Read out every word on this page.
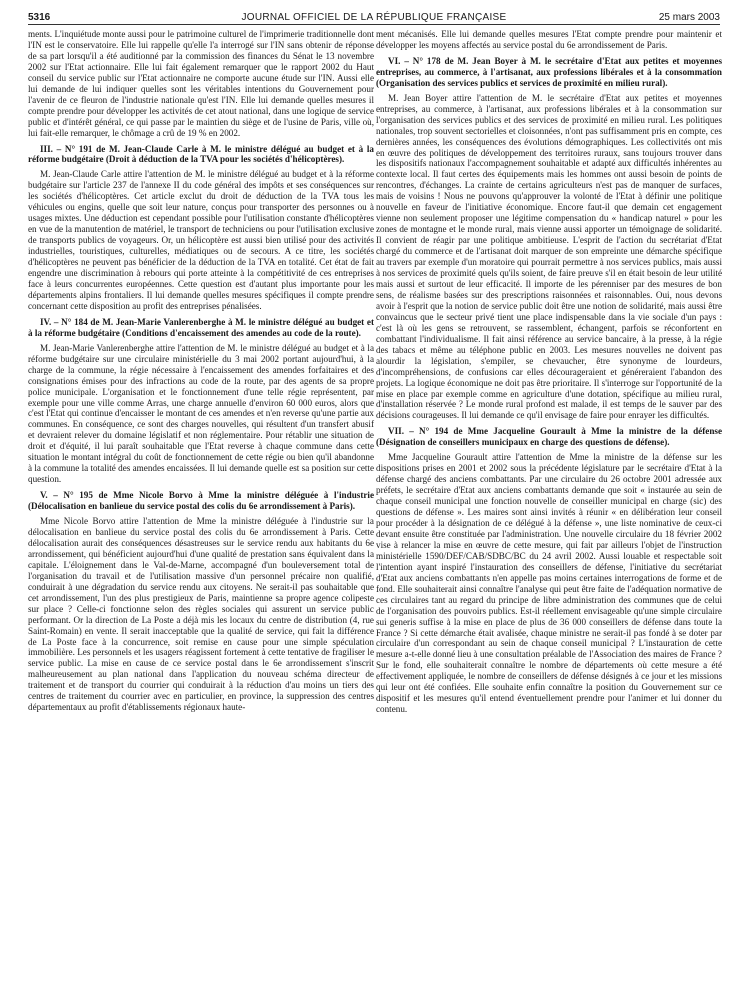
5316	JOURNAL OFFICIEL DE LA RÉPUBLIQUE FRANÇAISE	25 mars 2003

ments. L'inquiétude monte aussi pour le patrimoine culturel de l'imprimerie traditionnelle dont l'IN est le conservatoire. Elle lui rappelle qu'elle l'a interrogé sur l'IN sans obtenir de réponse de sa part lorsqu'il a été auditionné par la commission des finances du Sénat le 13 novembre 2002 sur l'Etat actionnaire. Elle lui fait également remarquer que le rapport 2002 du Haut conseil du service public sur l'Etat actionnaire ne comporte aucune étude sur l'IN. Aussi elle lui demande de lui indiquer quelles sont les véritables intentions du Gouvernement pour l'avenir de ce fleuron de l'industrie nationale qu'est l'IN. Elle lui demande quelles mesures il compte prendre pour développer les activités de cet atout national, dans une logique de service public et d'intérêt général, ce qui passe par le maintien du siège et de l'usine de Paris, ville où, lui fait-elle remarquer, le chômage a crû de 19 % en 2002.

III. – N° 191 de M. Jean-Claude Carle à M. le ministre délégué au budget et à la réforme budgétaire (Droit à déduction de la TVA pour les sociétés d'hélicoptères).

M. Jean-Claude Carle attire l'attention de M. le ministre délégué au budget et à la réforme budgétaire sur l'article 237 de l'annexe II du code général des impôts et ses conséquences sur les sociétés d'hélicoptères. Cet article exclut du droit de déduction de la TVA tous les véhicules ou engins, quelle que soit leur nature, conçus pour transporter des personnes ou à usages mixtes. Une déduction est cependant possible pour l'utilisation constante d'hélicoptères en vue de la manutention de matériel, le transport de techniciens ou pour l'utilisation exclusive de transports publics de voyageurs. Or, un hélicoptère est aussi bien utilisé pour des activités industrielles, touristiques, culturelles, médiatiques ou de secours. A ce titre, les sociétés d'hélicoptères ne peuvent pas bénéficier de la déduction de la TVA en totalité. Cet état de fait engendre une discrimination à rebours qui porte atteinte à la compétitivité de ces entreprises face à leurs concurrentes européennes. Cette question est d'autant plus importante pour les départements alpins frontaliers. Il lui demande quelles mesures spécifiques il compte prendre concernant cette disposition au profit des entreprises pénalisées.

IV. – N° 184 de M. Jean-Marie Vanlerenberghe à M. le ministre délégué au budget et à la réforme budgétaire (Conditions d'encaissement des amendes au code de la route).

M. Jean-Marie Vanlerenberghe attire l'attention de M. le ministre délégué au budget et à la réforme budgétaire sur une circulaire ministérielle du 3 mai 2002 portant aujourd'hui, à la charge de la commune, la régie nécessaire à l'encaissement des amendes forfaitaires et des consignations émises pour des infractions au code de la route, par des agents de sa propre police municipale. L'organisation et le fonctionnement d'une telle régie représentent, par exemple pour une ville comme Arras, une charge annuelle d'environ 60 000 euros, alors que c'est l'Etat qui continue d'encaisser le montant de ces amendes et n'en reverse qu'une partie aux communes. En conséquence, ce sont des charges nouvelles, qui résultent d'un transfert abusif et devraient relever du domaine législatif et non réglementaire. Pour rétablir une situation de droit et d'équité, il lui paraît souhaitable que l'Etat reverse à chaque commune dans cette situation le montant intégral du coût de fonctionnement de cette régie ou bien qu'il abandonne à la commune la totalité des amendes encaissées. Il lui demande quelle est sa position sur cette question.

V. – N° 195 de Mme Nicole Borvo à Mme la ministre déléguée à l'industrie (Délocalisation en banlieue du service postal des colis du 6e arrondissement à Paris).

Mme Nicole Borvo attire l'attention de Mme la ministre déléguée à l'industrie sur la délocalisation en banlieue du service postal des colis du 6e arrondissement à Paris. Cette délocalisation aurait des conséquences désastreuses sur le service rendu aux habitants du 6e arrondissement, qui bénéficient aujourd'hui d'une qualité de prestation sans équivalent dans la capitale. L'éloignement dans le Val-de-Marne, accompagné d'un bouleversement total de l'organisation du travail et de l'utilisation massive d'un personnel précaire non qualifié, conduirait à une dégradation du service rendu aux citoyens. Ne serait-il pas souhaitable que cet arrondissement, l'un des plus prestigieux de Paris, maintienne sa propre agence colipeste sur place ? Celle-ci fonctionne selon des règles sociales qui assurent un service public performant. Or la direction de La Poste a déjà mis les locaux du centre de distribution (4, rue Saint-Romain) en vente. Il serait inacceptable que la qualité de service, qui fait la différence de La Poste face à la concurrence, soit remise en cause pour une simple spéculation immobilière. Les personnels et les usagers réagissent fortement à cette tentative de fragiliser le service public. La mise en cause de ce service postal dans le 6e arrondissement s'inscrit malheureusement au plan national dans l'application du nouveau schéma directeur de traitement et de transport du courrier qui conduirait à la réduction d'au moins un tiers des centres de traitement du courrier avec en particulier, en province, la suppression des centres départementaux au profit d'établissements régionaux haute-

ment mécanisés. Elle lui demande quelles mesures l'Etat compte prendre pour maintenir et développer les moyens affectés au service postal du 6e arrondissement de Paris.

VI. – N° 178 de M. Jean Boyer à M. le secrétaire d'Etat aux petites et moyennes entreprises, au commerce, à l'artisanat, aux professions libérales et à la consommation (Organisation des services publics et services de proximité en milieu rural).

M. Jean Boyer attire l'attention de M. le secrétaire d'Etat aux petites et moyennes entreprises, au commerce, à l'artisanat, aux professions libérales et à la consommation sur l'organisation des services publics et des services de proximité en milieu rural. Les politiques nationales, trop souvent sectorielles et cloisonnées, n'ont pas suffisamment pris en compte, ces dernières années, les conséquences des évolutions démographiques. Les collectivités ont mis en œuvre des politiques de développement des territoires ruraux, sans toujours trouver dans les dispositifs nationaux l'accompagnement souhaitable et adapté aux difficultés inhérentes au contexte local. Il faut certes des équipements mais les hommes ont aussi besoin de points de rencontres, d'échanges. La crainte de certains agriculteurs n'est pas de manquer de surfaces, mais de voisins ! Nous ne pouvons qu'approuver la volonté de l'Etat à définir une politique nouvelle en faveur de l'initiative économique. Encore faut-il que demain cet engagement vienne non seulement proposer une légitime compensation du « handicap naturel » pour les zones de montagne et le monde rural, mais vienne aussi apporter un témoignage de solidarité. Il convient de réagir par une politique ambitieuse. L'esprit de l'action du secrétariat d'Etat chargé du commerce et de l'artisanat doit marquer de son empreinte une démarche spécifique au travers par exemple d'un moratoire qui pourrait permettre à nos services publics, mais aussi à nos services de proximité quels qu'ils soient, de faire preuve s'il en était besoin de leur utilité mais aussi et surtout de leur efficacité. Il importe de les pérenniser par des mesures de bon sens, de réalisme basées sur des prescriptions raisonnées et raisonnables. Oui, nous devons avoir à l'esprit que la notion de service public doit être une notion de solidarité, mais aussi être convaincus que le secteur privé tient une place indispensable dans la vie sociale d'un pays : c'est là où les gens se retrouvent, se rassemblent, échangent, parfois se réconfortent en combattant l'individualisme. Il fait ainsi référence au service bancaire, à la presse, à la régie des tabacs et même au téléphone public en 2003. Les mesures nouvelles ne doivent pas alourdir la législation, s'empiler, se chevaucher, être synonyme de lourdeurs, d'incompréhensions, de confusions car elles décourageraient et généreraient l'abandon des projets. La logique économique ne doit pas être prioritaire. Il s'interroge sur l'opportunité de la mise en place par exemple comme en agriculture d'une dotation, spécifique au milieu rural, d'installation réservée ? Le monde rural profond est malade, il est temps de le sauver par des décisions courageuses. Il lui demande ce qu'il envisage de faire pour enrayer les difficultés.

VII. – N° 194 de Mme Jacqueline Gourault à Mme la ministre de la défense (Désignation de conseillers municipaux en charge des questions de défense).

Mme Jacqueline Gourault attire l'attention de Mme la ministre de la défense sur les dispositions prises en 2001 et 2002 sous la précédente législature par le secrétaire d'Etat à la défense chargé des anciens combattants. Par une circulaire du 26 octobre 2001 adressée aux préfets, le secrétaire d'Etat aux anciens combattants demande que soit « instaurée au sein de chaque conseil municipal une fonction nouvelle de conseiller municipal en charge (sic) des questions de défense ». Les maires sont ainsi invités à réunir « en délibération leur conseil pour procéder à la désignation de ce délégué à la défense », une liste nominative de ceux-ci devant ensuite être constituée par l'administration. Une nouvelle circulaire du 18 février 2002 vise à relancer la mise en œuvre de cette mesure, qui fait par ailleurs l'objet de l'instruction ministérielle 1590/DEF/CAB/SDBC/BC du 24 avril 2002. Aussi louable et respectable soit l'intention ayant inspiré l'instauration des conseillers de défense, l'initiative du secrétariat d'Etat aux anciens combattants n'en appelle pas moins certaines interrogations de forme et de fond. Elle souhaiterait ainsi connaître l'analyse qui peut être faite de l'adéquation normative de ces circulaires tant au regard du principe de libre administration des communes que de celui de l'organisation des pouvoirs publics. Est-il réellement envisageable qu'une simple circulaire sui generis suffise à la mise en place de plus de 36 000 conseillers de défense dans toute la France ? Si cette démarche était avalisée, chaque ministre ne serait-il pas fondé à se doter par circulaire d'un correspondant au sein de chaque conseil municipal ? L'instauration de cette mesure a-t-elle donné lieu à une consultation préalable de l'Association des maires de France ? Sur le fond, elle souhaiterait connaître le nombre de départements où cette mesure a été effectivement appliquée, le nombre de conseillers de défense désignés à ce jour et les missions qui leur ont été confiées. Elle souhaite enfin connaître la position du Gouvernement sur ce dispositif et les mesures qu'il entend éventuellement prendre pour l'animer et lui donner du contenu.
